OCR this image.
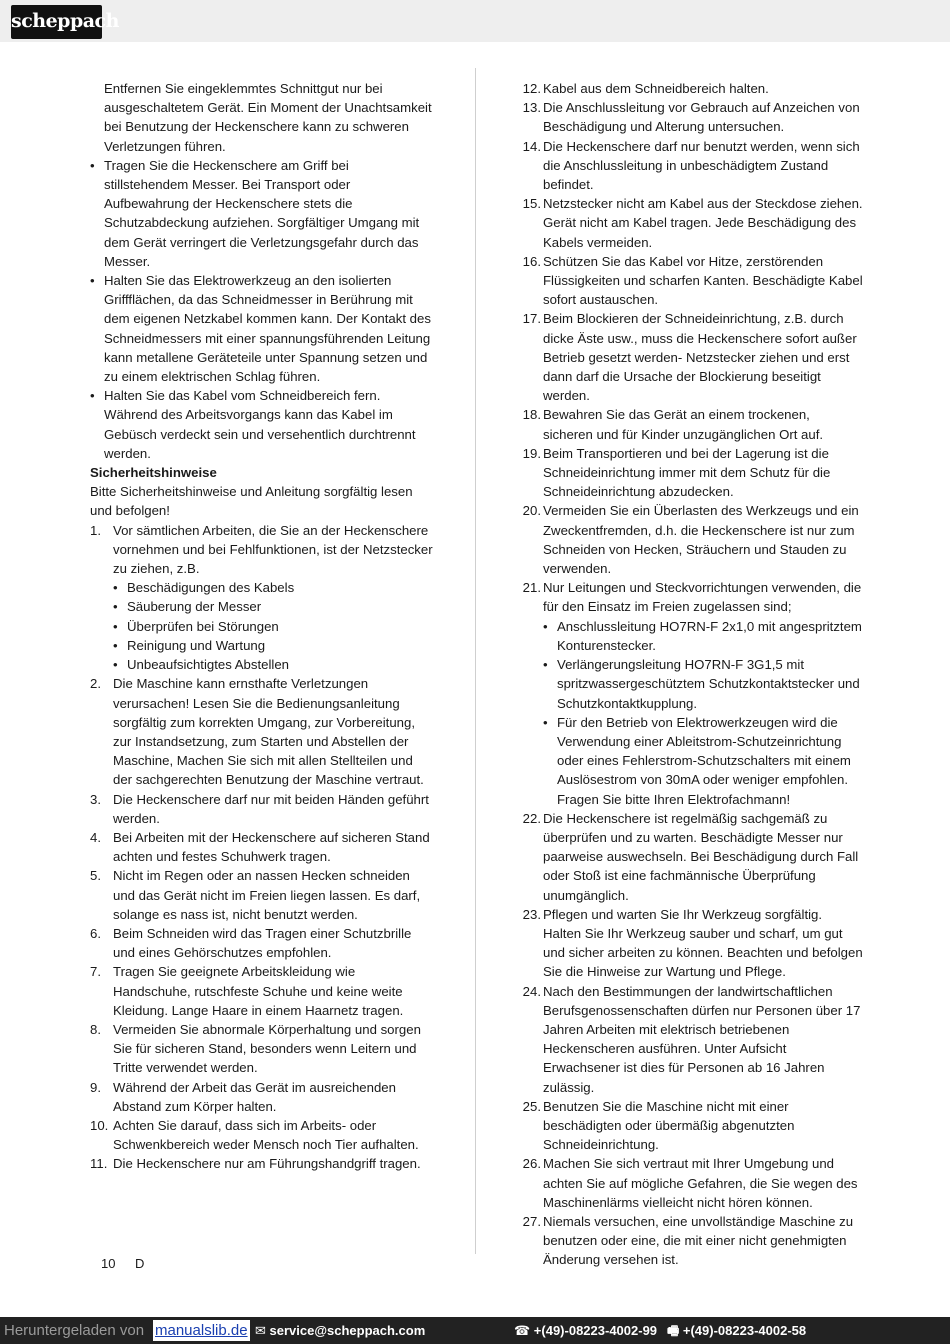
scheppach

Entfernen Sie eingeklemmtes Schnittgut nur bei ausgeschaltetem Gerät. Ein Moment der Unachtsamkeit bei Benutzung der Heckenschere kann zu schweren Verletzungen führen.

• Tragen Sie die Heckenschere am Griff bei stillstehendem Messer. Bei Transport oder Aufbewahrung der Heckenschere stets die Schutzabdeckung aufziehen. Sorgfältiger Umgang mit dem Gerät verringert die Verletzungsgefahr durch das Messer.

• Halten Sie das Elektrowerkzeug an den isolierten Griffflächen, da das Schneidmesser in Berührung mit dem eigenen Netzkabel kommen kann. Der Kontakt des Schneidmessers mit einer spannungsführenden Leitung kann metallene Geräteteile unter Spannung setzen und zu einem elektrischen Schlag führen.

• Halten Sie das Kabel vom Schneidbereich fern. Während des Arbeitsvorgangs kann das Kabel im Gebüsch verdeckt sein und versehentlich durchtrennt werden.

Sicherheitshinweise

Bitte Sicherheitshinweise und Anleitung sorgfältig lesen und befolgen!

1. Vor sämtlichen Arbeiten, die Sie an der Heckenschere vornehmen und bei Fehlfunktionen, ist der Netzstecker zu ziehen, z.B.

• Beschädigungen des Kabels

• Säuberung der Messer

• Überprüfen bei Störungen

• Reinigung und Wartung

• Unbeaufsichtigtes Abstellen

2. Die Maschine kann ernsthafte Verletzungen verursachen! Lesen Sie die Bedienungsanleitung sorgfältig zum korrekten Umgang, zur Vorbereitung, zur Instandsetzung, zum Starten und Abstellen der Maschine, Machen Sie sich mit allen Stellteilen und der sachgerechten Benutzung der Maschine vertraut.
3. Die Heckenschere darf nur mit beiden Händen geführt werden.
4. Bei Arbeiten mit der Heckenschere auf sicheren Stand achten und festes Schuhwerk tragen.
5. Nicht im Regen oder an nassen Hecken schneiden und das Gerät nicht im Freien liegen lassen. Es darf, solange es nass ist, nicht benutzt werden.
6. Beim Schneiden wird das Tragen einer Schutzbrille und eines Gehörschutzes empfohlen.
7. Tragen Sie geeignete Arbeitskleidung wie Handschuhe, rutschfeste Schuhe und keine weite Kleidung. Lange Haare in einem Haarnetz tragen.
8. Vermeiden Sie abnormale Körperhaltung und sorgen Sie für sicheren Stand, besonders wenn Leitern und Tritte verwendet werden.
9. Während der Arbeit das Gerät im ausreichenden Abstand zum Körper halten.
10. Achten Sie darauf, dass sich im Arbeits- oder Schwenkbereich weder Mensch noch Tier aufhalten.
11. Die Heckenschere nur am Führungshandgriff tragen.
12. Kabel aus dem Schneidbereich halten.
13. Die Anschlussleitung vor Gebrauch auf Anzeichen von Beschädigung und Alterung untersuchen.
14. Die Heckenschere darf nur benutzt werden, wenn sich die Anschlussleitung in unbeschädigtem Zustand befindet.
15. Netzstecker nicht am Kabel aus der Steckdose ziehen. Gerät nicht am Kabel tragen. Jede Beschädigung des Kabels vermeiden.
16. Schützen Sie das Kabel vor Hitze, zerstörenden Flüssigkeiten und scharfen Kanten. Beschädigte Kabel sofort austauschen.
17. Beim Blockieren der Schneideinrichtung, z.B. durch dicke Äste usw., muss die Heckenschere sofort außer Betrieb gesetzt werden- Netzstecker ziehen und erst dann darf die Ursache der Blockierung beseitigt werden.
18. Bewahren Sie das Gerät an einem trockenen, sicheren und für Kinder unzugänglichen Ort auf.
19. Beim Transportieren und bei der Lagerung ist die Schneideinrichtung immer mit dem Schutz für die Schneideinrichtung abzudecken.
20. Vermeiden Sie ein Überlasten des Werkzeugs und ein Zweckentfremden, d.h. die Heckenschere ist nur zum Schneiden von Hecken, Sträuchern und Stauden zu verwenden.
21. Nur Leitungen und Steckvorrichtungen verwenden, die für den Einsatz im Freien zugelassen sind;

• Anschlussleitung HO7RN-F 2x1,0 mit angespritztem Konturenstecker.

• Verlängerungsleitung HO7RN-F 3G1,5 mit spritzwassergeschütztem Schutzkontaktstecker und Schutzkontaktkupplung.

• Für den Betrieb von Elektrowerkzeugen wird die Verwendung einer Ableitstrom-Schutzeinrichtung oder eines Fehlerstrom-Schutzschalters mit einem Auslösestrom von 30mA oder weniger empfohlen. Fragen Sie bitte Ihren Elektrofachmann!

22. Die Heckenschere ist regelmäßig sachgemäß zu überprüfen und zu warten. Beschädigte Messer nur paarweise auswechseln. Bei Beschädigung durch Fall oder Stoß ist eine fachmännische Überprüfung unumgänglich.
23. Pflegen und warten Sie Ihr Werkzeug sorgfältig. Halten Sie Ihr Werkzeug sauber und scharf, um gut und sicher arbeiten zu können. Beachten und befolgen Sie die Hinweise zur Wartung und Pflege.
24. Nach den Bestimmungen der landwirtschaftlichen Berufsgenossenschaften dürfen nur Personen über 17 Jahren Arbeiten mit elektrisch betriebenen Heckenscheren ausführen. Unter Aufsicht Erwachsener ist dies für Personen ab 16 Jahren zulässig.
25. Benutzen Sie die Maschine nicht mit einer beschädigten oder übermäßig abgenutzten Schneideinrichtung.
26. Machen Sie sich vertraut mit Ihrer Umgebung und achten Sie auf mögliche Gefahren, die Sie wegen des Maschinenlärms vielleicht nicht hören können.
27. Niemals versuchen, eine unvollständige Maschine zu benutzen oder eine, die mit einer nicht genehmigten Änderung versehen ist.
10 D
Heruntergeladen von manualslib.de ✉ service@scheppach.com	☎ +(49)-08223-4002-99 🖷 +(49)-08223-4002-58
